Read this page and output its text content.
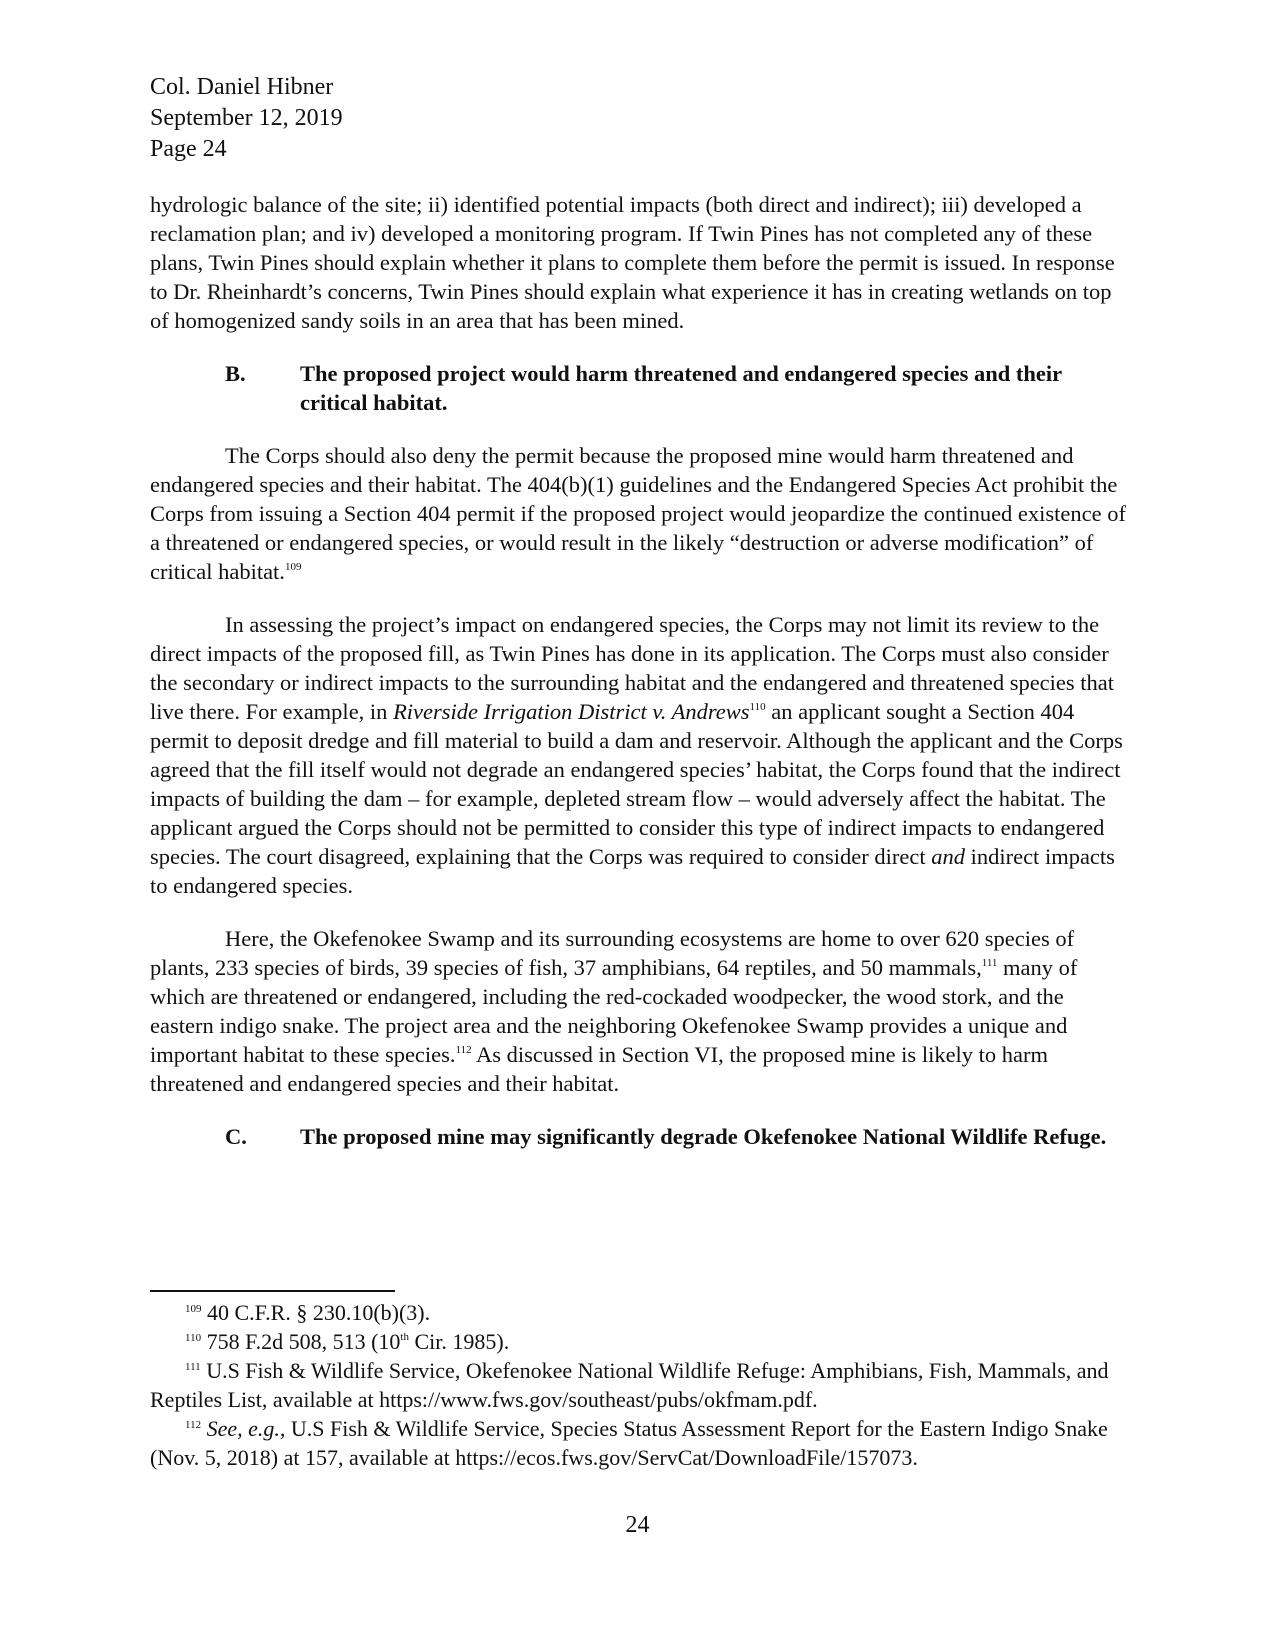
Col. Daniel Hibner
September 12, 2019
Page 24

hydrologic balance of the site; ii) identified potential impacts (both direct and indirect); iii) developed a reclamation plan; and iv) developed a monitoring program. If Twin Pines has not completed any of these plans, Twin Pines should explain whether it plans to complete them before the permit is issued. In response to Dr. Rheinhardt’s concerns, Twin Pines should explain what experience it has in creating wetlands on top of homogenized sandy soils in an area that has been mined.

B.	The proposed project would harm threatened and endangered species and their critical habitat.

The Corps should also deny the permit because the proposed mine would harm threatened and endangered species and their habitat. The 404(b)(1) guidelines and the Endangered Species Act prohibit the Corps from issuing a Section 404 permit if the proposed project would jeopardize the continued existence of a threatened or endangered species, or would result in the likely “destruction or adverse modification” of critical habitat.$^{109}$

In assessing the project’s impact on endangered species, the Corps may not limit its review to the direct impacts of the proposed fill, as Twin Pines has done in its application. The Corps must also consider the secondary or indirect impacts to the surrounding habitat and the endangered and threatened species that live there. For example, in Riverside Irrigation District v. Andrews$^{110}$ an applicant sought a Section 404 permit to deposit dredge and fill material to build a dam and reservoir. Although the applicant and the Corps agreed that the fill itself would not degrade an endangered species’ habitat, the Corps found that the indirect impacts of building the dam – for example, depleted stream flow – would adversely affect the habitat. The applicant argued the Corps should not be permitted to consider this type of indirect impacts to endangered species. The court disagreed, explaining that the Corps was required to consider direct and indirect impacts to endangered species.

Here, the Okefenokee Swamp and its surrounding ecosystems are home to over 620 species of plants, 233 species of birds, 39 species of fish, 37 amphibians, 64 reptiles, and 50 mammals,$^{111}$ many of which are threatened or endangered, including the red-cockaded woodpecker, the wood stork, and the eastern indigo snake. The project area and the neighboring Okefenokee Swamp provides a unique and important habitat to these species.$^{112}$ As discussed in Section VI, the proposed mine is likely to harm threatened and endangered species and their habitat.

C.	The proposed mine may significantly degrade Okefenokee National Wildlife Refuge.

$^{109}$ 40 C.F.R. § 230.10(b)(3).

$^{110}$ 758 F.2d 508, 513 (10th Cir. 1985).

$^{111}$ U.S Fish & Wildlife Service, Okefenokee National Wildlife Refuge: Amphibians, Fish, Mammals, and Reptiles List, available at https://www.fws.gov/southeast/pubs/okfmam.pdf.

$^{112}$ See, e.g., U.S Fish & Wildlife Service, Species Status Assessment Report for the Eastern Indigo Snake (Nov. 5, 2018) at 157, available at https://ecos.fws.gov/ServCat/DownloadFile/157073.

24
